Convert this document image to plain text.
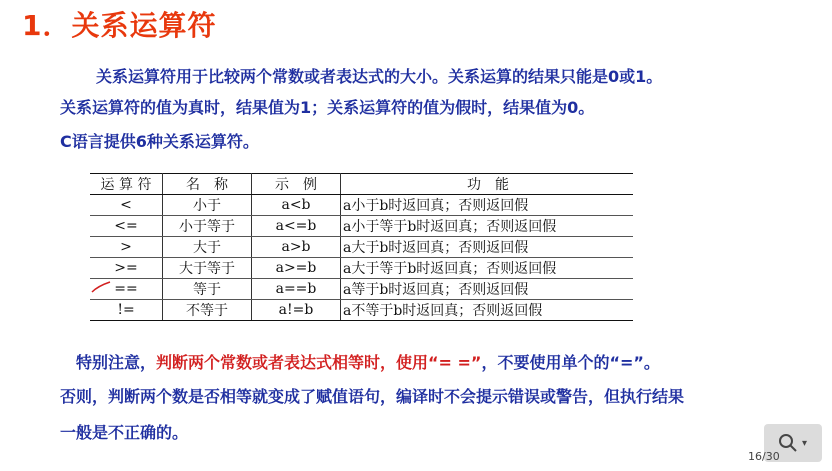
1．关系运算符
关系运算符用于比较两个常数或者表达式的大小。关系运算的结果只能是0或1。
关系运算符的值为真时，结果值为1；关系运算符的值为假时，结果值为0。
C语言提供6种关系运算符。
运 算 符	名　称	示　例	功　能
<	小于	a<b	a小于b时返回真；否则返回假
<=	小于等于	a<=b	a小于等于b时返回真；否则返回假
>	大于	a>b	a大于b时返回真；否则返回假
>=	大于等于	a>=b	a大于等于b时返回真；否则返回假
==	等于	a==b	a等于b时返回真；否则返回假
!=	不等于	a!=b	a不等于b时返回真；否则返回假
特别注意，判断两个常数或者表达式相等时，使用“= =”，不要使用单个的“=”。
否则，判断两个数是否相等就变成了赋值语句，编译时不会提示错误或警告，但执行结果
一般是不正确的。
▾
16/30
